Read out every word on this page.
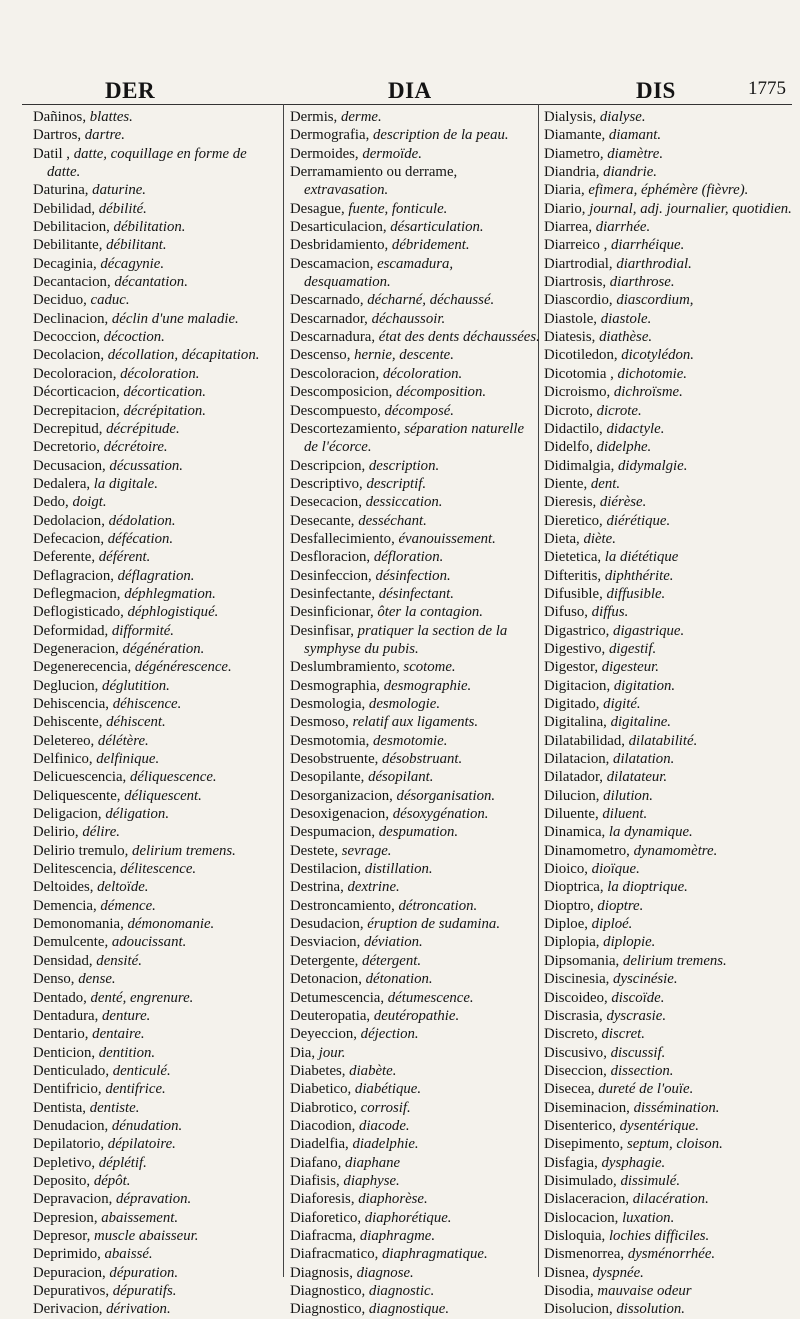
DER	DIA	DIS	1775
Dañinos, blattes.
Dartros, dartre.
Datil , datte, coquillage en forme de datte.
Daturina, daturine.
Debilidad, débilité.
Debilitacion, débilitation.
Debilitante, débilitant.
Decaginia, décagynie.
Decantacion, décantation.
Deciduo, caduc.
Declinacion, déclin d'une maladie.
Decoccion, décoction.
Decolacion, décollation, décapitation.
Decoloracion, décoloration.
Décorticacion, décortication.
Decrepitacion, décrépitation.
Decrepitud, décrépitude.
Decretorio, décrétoire.
Decusacion, décussation.
Dedalera, la digitale.
Dedo, doigt.
Dedolacion, dédolation.
Defecacion, défécation.
Deferente, déférent.
Deflagracion, déflagration.
Deflegmacion, déphlegmation.
Deflogisticado, déphlogistiqué.
Deformidad, difformité.
Degeneracion, dégénération.
Degenerecencia, dégénérescence.
Deglucion, déglutition.
Dehiscencia, déhiscence.
Dehiscente, déhiscent.
Deletereo, délétère.
Delfinico, delfinique.
Delicuescencia, déliquescence.
Deliquescente, déliquescent.
Deligacion, déligation.
Delirio, délire.
Delirio tremulo, delirium tremens.
Delitescencia, délitescence.
Deltoides, deltoïde.
Demencia, démence.
Demonomania, démonomanie.
Demulcente, adoucissant.
Densidad, densité.
Denso, dense.
Dentado, denté, engrenure.
Dentadura, denture.
Dentario, dentaire.
Denticion, dentition.
Denticulado, denticulé.
Dentifricio, dentifrice.
Dentista, dentiste.
Denudacion, dénudation.
Depilatorio, dépilatoire.
Depletivo, déplétif.
Deposito, dépôt.
Depravacion, dépravation.
Depresion, abaissement.
Depresor, muscle abaisseur.
Deprimido, abaissé.
Depuracion, dépuration.
Depurativos, dépuratifs.
Derivacion, dérivation.
Dermis, derme.
Dermografia, description de la peau.
Dermoides, dermoïde.
Derramamiento ou derrame, extravasation.
Desague, fuente, fonticule.
Desarticulacion, désarticulation.
Desbridamiento, débridement.
Descamacion, escamadura, desquamation.
Descarnado, décharné, déchaussé.
Descarnador, déchaussoir.
Descarnadura, état des dents déchaussées.
Descenso, hernie, descente.
Descoloracion, décoloration.
Descomposicion, décomposition.
Descompuesto, décomposé.
Descortezamiento, séparation naturelle de l'écorce.
Descripcion, description.
Descriptivo, descriptif.
Desecacion, dessiccation.
Desecante, desséchant.
Desfallecimiento, évanouissement.
Desfloracion, défloration.
Desinfeccion, désinfection.
Desinfectante, désinfectant.
Desinficionar, ôter la contagion.
Desinfisar, pratiquer la section de la symphyse du pubis.
Deslumbramiento, scotome.
Desmographia, desmographie.
Desmologia, desmologie.
Desmoso, relatif aux ligaments.
Desmotomia, desmotomie.
Desobstruente, désobstruant.
Desopilante, désopilant.
Desorganizacion, désorganisation.
Desoxigenacion, désoxygénation.
Despumacion, despumation.
Destete, sevrage.
Destilacion, distillation.
Destrina, dextrine.
Destroncamiento, détroncation.
Desudacion, éruption de sudamina.
Desviacion, déviation.
Detergente, détergent.
Detonacion, détonation.
Detumescencia, détumescence.
Deuteropatia, deutéropathie.
Deyeccion, déjection.
Dia, jour.
Diabetes, diabète.
Diabetico, diabétique.
Diabrotico, corrosif.
Diacodion, diacode.
Diadelfia, diadelphie.
Diafano, diaphane
Diafisis, diaphyse.
Diaforesis, diaphorèse.
Diaforetico, diaphorétique.
Diafracma, diaphragme.
Diafracmatico, diaphragmatique.
Diagnosis, diagnose.
Diagnostico, diagnostic.
Diagnostico, diagnostique.
Dialysis, dialyse.
Diamante, diamant.
Diametro, diamètre.
Diandria, diandrie.
Diaria, efimera, éphémère (fièvre).
Diario, journal, adj. journalier, quotidien.
Diarrea, diarrhée.
Diarreico , diarrhéique.
Diartrodial, diarthrodial.
Diartrosis, diarthrose.
Diascordio, diascordium,
Diastole, diastole.
Diatesis, diathèse.
Dicotiledon, dicotylédon.
Dicotomia , dichotomie.
Dicroismo, dichroïsme.
Dicroto, dicrote.
Didactilo, didactyle.
Didelfo, didelphe.
Didimalgia, didymalgie.
Diente, dent.
Dieresis, diérèse.
Dieretico, diérétique.
Dieta, diète.
Dietetica, la diététique
Difteritis, diphthérite.
Difusible, diffusible.
Difuso, diffus.
Digastrico, digastrique.
Digestivo, digestif.
Digestor, digesteur.
Digitacion, digitation.
Digitado, digité.
Digitalina, digitaline.
Dilatabilidad, dilatabilité.
Dilatacion, dilatation.
Dilatador, dilatateur.
Dilucion, dilution.
Diluente, diluent.
Dinamica, la dynamique.
Dinamometro, dynamomètre.
Dioico, dioïque.
Dioptrica, la dioptrique.
Dioptro, dioptre.
Diploe, diploé.
Diplopia, diplopie.
Dipsomania, delirium tremens.
Discinesia, dyscinésie.
Discoideo, discoïde.
Discrasia, dyscrasie.
Discreto, discret.
Discusivo, discussif.
Diseccion, dissection.
Disecea, dureté de l'ouïe.
Diseminacion, dissémination.
Disenterico, dysentérique.
Disepimento, septum, cloison.
Disfagia, dysphagie.
Disimulado, dissimulé.
Dislaceracion, dilacération.
Dislocacion, luxation.
Disloquia, lochies difficiles.
Dismenorrea, dysménorrhée.
Disnea, dyspnée.
Disodia, mauvaise odeur
Disolucion, dissolution.
